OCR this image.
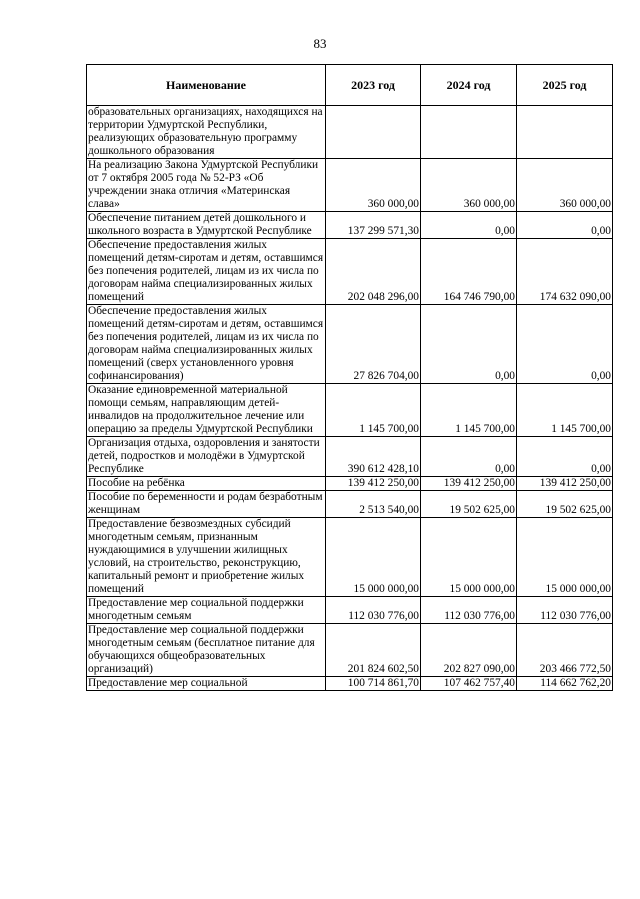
83
Наименование	2023 год	2024 год	2025 год
образовательных организациях, находящихся на территории Удмуртской Республики, реализующих образовательную программу дошкольного образования			
На реализацию Закона Удмуртской Республики от 7 октября 2005 года № 52-РЗ «Об учреждении знака отличия «Материнская слава»	360 000,00	360 000,00	360 000,00
Обеспечение питанием детей дошкольного и школьного возраста в Удмуртской Республике	137 299 571,30	0,00	0,00
Обеспечение предоставления жилых помещений детям-сиротам и детям, оставшимся без попечения родителей, лицам из их числа по договорам найма специализированных жилых помещений	202 048 296,00	164 746 790,00	174 632 090,00
Обеспечение предоставления жилых помещений детям-сиротам и детям, оставшимся без попечения родителей, лицам из их числа по договорам найма специализированных жилых помещений (сверх установленного уровня софинансирования)	27 826 704,00	0,00	0,00
Оказание единовременной материальной помощи семьям, направляющим детей-инвалидов на продолжительное лечение или операцию за пределы Удмуртской Республики	1 145 700,00	1 145 700,00	1 145 700,00
Организация отдыха, оздоровления и занятости детей, подростков и молодёжи в Удмуртской Республике	390 612 428,10	0,00	0,00
Пособие на ребёнка	139 412 250,00	139 412 250,00	139 412 250,00
Пособие по беременности и родам безработным женщинам	2 513 540,00	19 502 625,00	19 502 625,00
Предоставление безвозмездных субсидий многодетным семьям, признанным нуждающимися в улучшении жилищных условий, на строительство, реконструкцию, капитальный ремонт и приобретение жилых помещений	15 000 000,00	15 000 000,00	15 000 000,00
Предоставление мер социальной поддержки многодетным семьям	112 030 776,00	112 030 776,00	112 030 776,00
Предоставление мер социальной поддержки многодетным семьям (бесплатное питание для обучающихся общеобразовательных организаций)	201 824 602,50	202 827 090,00	203 466 772,50
Предоставление мер социальной	100 714 861,70	107 462 757,40	114 662 762,20
